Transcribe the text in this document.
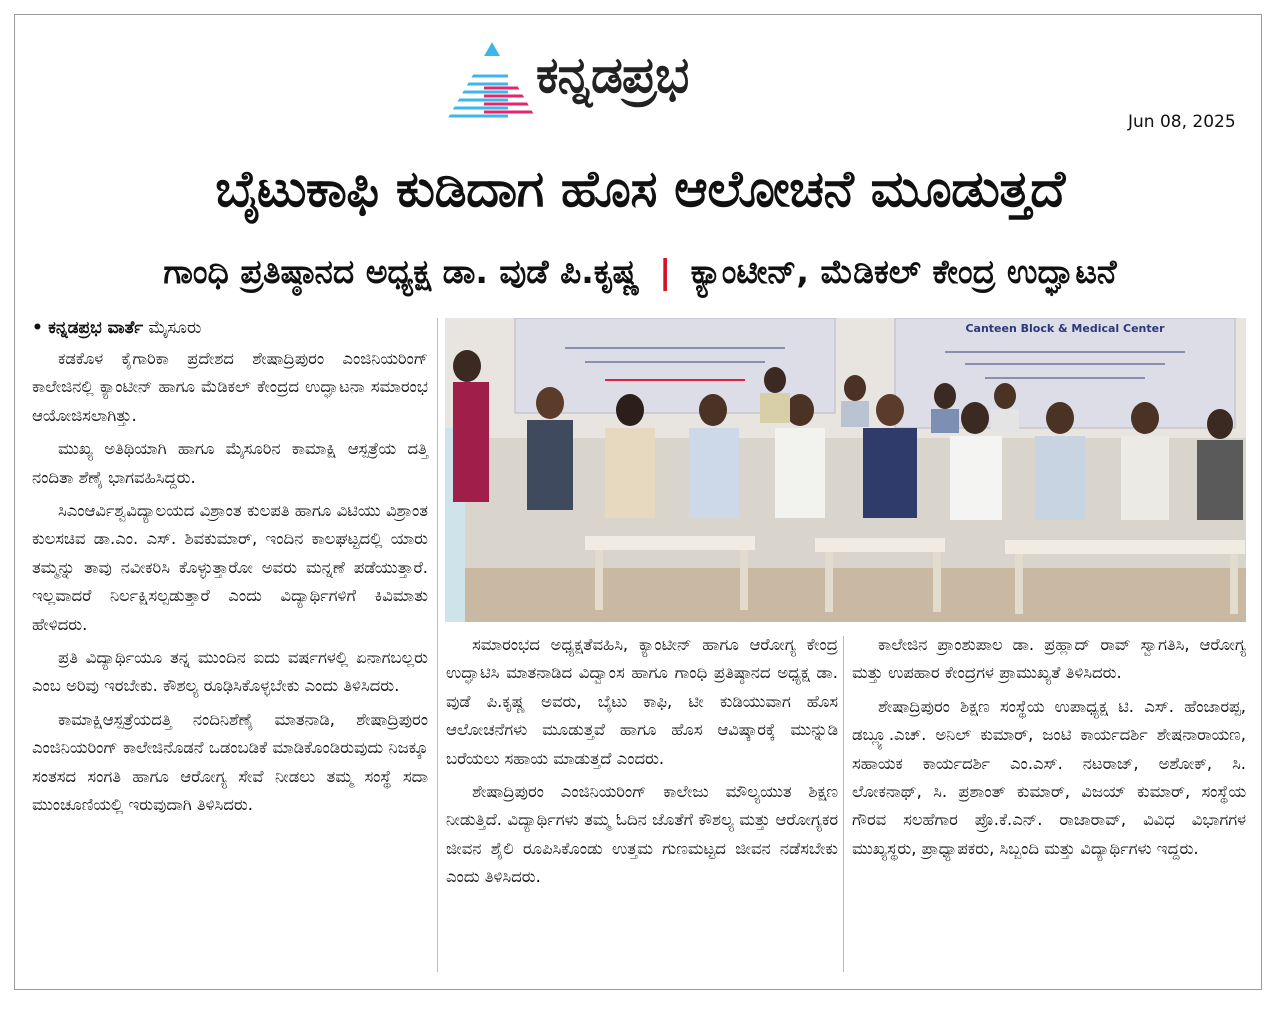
ಕನ್ನಡಪ್ರಭ
Jun 08, 2025
ಬೈಟುಕಾಫಿ ಕುಡಿದಾಗ ಹೊಸ ಆಲೋಚನೆ ಮೂಡುತ್ತದೆ
ಗಾಂಧಿ ಪ್ರತಿಷ್ಠಾನದ ಅಧ್ಯಕ್ಷ ಡಾ. ವುಡೆ ಪಿ.ಕೃಷ್ಣ | ಕ್ಯಾಂಟೀನ್, ಮೆಡಿಕಲ್ ಕೇಂದ್ರ ಉದ್ಘಾಟನೆ
• ಕನ್ನಡಪ್ರಭ ವಾರ್ತೆ ಮೈಸೂರು

ಕಡಕೊಳ ಕೈಗಾರಿಕಾ ಪ್ರದೇಶದ ಶೇಷಾದ್ರಿಪುರಂ ಎಂಜಿನಿಯರಿಂಗ್ ಕಾಲೇಜಿನಲ್ಲಿ ಕ್ಯಾಂಟೀನ್ ಹಾಗೂ ಮೆಡಿಕಲ್ ಕೇಂದ್ರದ ಉದ್ಘಾಟನಾ ಸಮಾರಂಭ ಆಯೋಜಿಸಲಾಗಿತ್ತು.

ಮುಖ್ಯ ಅತಿಥಿಯಾಗಿ ಹಾಗೂ ಮೈಸೂರಿನ ಕಾಮಾಕ್ಷಿ ಆಸ್ಪತ್ರೆಯ ದತ್ತಿ ನಂದಿತಾ ಶೆಣೈ ಭಾಗವಹಿಸಿದ್ದರು.

ಸಿಎಂಆರ್ವಿಶ್ವವಿದ್ಯಾಲಯದ ವಿಶ್ರಾಂತ ಕುಲಪತಿ ಹಾಗೂ ವಿಟಿಯು ವಿಶ್ರಾಂತ ಕುಲಸಚಿವ ಡಾ.ಎಂ. ಎಸ್. ಶಿವಕುಮಾರ್, ಇಂದಿನ ಕಾಲಘಟ್ಟದಲ್ಲಿ ಯಾರು ತಮ್ಮನ್ನು ತಾವು ನವೀಕರಿಸಿ ಕೊಳ್ಳುತ್ತಾರೋ ಅವರು ಮನ್ನಣೆ ಪಡೆಯುತ್ತಾರೆ. ಇಲ್ಲವಾದರೆ ನಿರ್ಲಕ್ಷಿಸಲ್ಪಡುತ್ತಾರೆ ಎಂದು ವಿದ್ಯಾರ್ಥಿಗಳಿಗೆ ಕಿವಿಮಾತು ಹೇಳಿದರು.

ಪ್ರತಿ ವಿದ್ಯಾರ್ಥಿಯೂ ತನ್ನ ಮುಂದಿನ ಐದು ವರ್ಷಗಳಲ್ಲಿ ಏನಾಗಬಲ್ಲರು ಎಂಬ ಅರಿವು ಇರಬೇಕು. ಕೌಶಲ್ಯ ರೂಢಿಸಿಕೊಳ್ಳಬೇಕು ಎಂದು ತಿಳಿಸಿದರು.

ಕಾಮಾಕ್ಷಿಆಸ್ಪತ್ರೆಯದತ್ತಿ ನಂದಿನಿಶೆಣೈ ಮಾತನಾಡಿ, ಶೇಷಾದ್ರಿಪುರಂ ಎಂಜಿನಿಯರಿಂಗ್ ಕಾಲೇಜಿನೊಡನೆ ಒಡಂಬಡಿಕೆ ಮಾಡಿಕೊಂಡಿರುವುದು ನಿಜಕ್ಕೂ ಸಂತಸದ ಸಂಗತಿ ಹಾಗೂ ಆರೋಗ್ಯ ಸೇವೆ ನೀಡಲು ತಮ್ಮ ಸಂಸ್ಥೆ ಸದಾ ಮುಂಚೂಣಿಯಲ್ಲಿ ಇರುವುದಾಗಿ ತಿಳಿಸಿದರು.

Canteen Block & Medical Center

ಸಮಾರಂಭದ ಅಧ್ಯಕ್ಷತೆವಹಿಸಿ, ಕ್ಯಾಂಟೀನ್ ಹಾಗೂ ಆರೋಗ್ಯ ಕೇಂದ್ರ ಉದ್ಘಾಟಿಸಿ ಮಾತನಾಡಿದ ವಿದ್ವಾಂಸ ಹಾಗೂ ಗಾಂಧಿ ಪ್ರತಿಷ್ಠಾನದ ಅಧ್ಯಕ್ಷ ಡಾ. ವುಡೆ ಪಿ.ಕೃಷ್ಣ ಅವರು, ಬೈಟು ಕಾಫಿ, ಟೀ ಕುಡಿಯುವಾಗ ಹೊಸ ಆಲೋಚನೆಗಳು ಮೂಡುತ್ತವೆ ಹಾಗೂ ಹೊಸ ಆವಿಷ್ಕಾರಕ್ಕೆ ಮುನ್ನುಡಿ ಬರೆಯಲು ಸಹಾಯ ಮಾಡುತ್ತದೆ ಎಂದರು.

ಶೇಷಾದ್ರಿಪುರಂ ಎಂಜಿನಿಯರಿಂಗ್ ಕಾಲೇಜು ಮೌಲ್ಯಯುತ ಶಿಕ್ಷಣ ನೀಡುತ್ತಿದೆ. ವಿದ್ಯಾರ್ಥಿಗಳು ತಮ್ಮ ಓದಿನ ಜೊತೆಗೆ ಕೌಶಲ್ಯ ಮತ್ತು ಆರೋಗ್ಯಕರ ಜೀವನ ಶೈಲಿ ರೂಪಿಸಿಕೊಂಡು ಉತ್ತಮ ಗುಣಮಟ್ಟದ ಜೀವನ ನಡೆಸಬೇಕು ಎಂದು ತಿಳಿಸಿದರು.

ಕಾಲೇಜಿನ ಪ್ರಾಂಶುಪಾಲ ಡಾ. ಪ್ರಹ್ಲಾದ್ ರಾವ್ ಸ್ವಾಗತಿಸಿ, ಆರೋಗ್ಯ ಮತ್ತು ಉಪಹಾರ ಕೇಂದ್ರಗಳ ಪ್ರಾಮುಖ್ಯತೆ ತಿಳಿಸಿದರು.

ಶೇಷಾದ್ರಿಪುರಂ ಶಿಕ್ಷಣ ಸಂಸ್ಥೆಯ ಉಪಾಧ್ಯಕ್ಷ ಟಿ. ಎಸ್. ಹೆಂಜಾರಪ್ಪ, ಡಬ್ಲ್ಯೂ.ಎಚ್. ಅನಿಲ್ ಕುಮಾರ್, ಜಂಟಿ ಕಾರ್ಯದರ್ಶಿ ಶೇಷನಾರಾಯಣ, ಸಹಾಯಕ ಕಾರ್ಯದರ್ಶಿ ಎಂ.ಎಸ್. ನಟರಾಜ್, ಅಶೋಕ್, ಸಿ. ಲೋಕನಾಥ್, ಸಿ. ಪ್ರಶಾಂತ್ ಕುಮಾರ್, ವಿಜಯ್ ಕುಮಾರ್, ಸಂಸ್ಥೆಯ ಗೌರವ ಸಲಹೆಗಾರ ಪ್ರೊ.ಕೆ.ಎನ್. ರಾಜಾರಾವ್, ವಿವಿಧ ವಿಭಾಗಗಳ ಮುಖ್ಯಸ್ಥರು, ಪ್ರಾಧ್ಯಾಪಕರು, ಸಿಬ್ಬಂದಿ ಮತ್ತು ವಿದ್ಯಾರ್ಥಿಗಳು ಇದ್ದರು.
